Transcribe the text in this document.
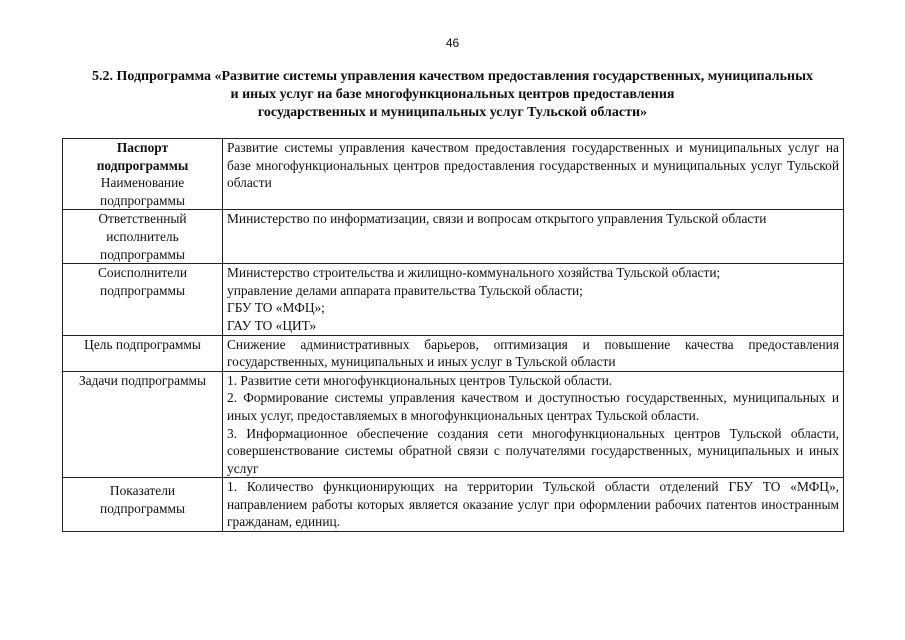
46
5.2. Подпрограмма «Развитие системы управления качеством предоставления государственных, муниципальных
и иных услуг на базе многофункциональных центров предоставления
государственных и муниципальных услуг Тульской области»
Паспорт
подпрограммы
Наименование
подпрограммы	Развитие системы управления качеством предоставления государственных и муниципальных услуг на базе многофункциональных центров предоставления государственных и муниципальных услуг Тульской области

Ответственный
исполнитель
подпрограммы	Министерство по информатизации, связи и вопросам открытого управления Тульской области

Соисполнители
подпрограммы	Министерство строительства и жилищно-коммунального хозяйства Тульской области;
управление делами аппарата правительства Тульской области;
ГБУ ТО «МФЦ»;
ГАУ ТО «ЦИТ»

Цель подпрограммы	Снижение административных барьеров, оптимизация и повышение качества предоставления государственных, муниципальных и иных услуг в Тульской области

Задачи подпрограммы	1. Развитие сети многофункциональных центров Тульской области.
2. Формирование системы управления качеством и доступностью государственных, муниципальных и иных услуг, предоставляемых в многофункциональных центрах Тульской области.
3. Информационное обеспечение создания сети многофункциональных центров Тульской области, совершенствование системы обратной связи с получателями государственных, муниципальных и иных услуг

Показатели
подпрограммы	1. Количество функционирующих на территории Тульской области отделений ГБУ ТО «МФЦ», направлением работы которых является оказание услуг при оформлении рабочих патентов иностранным гражданам, единиц.
